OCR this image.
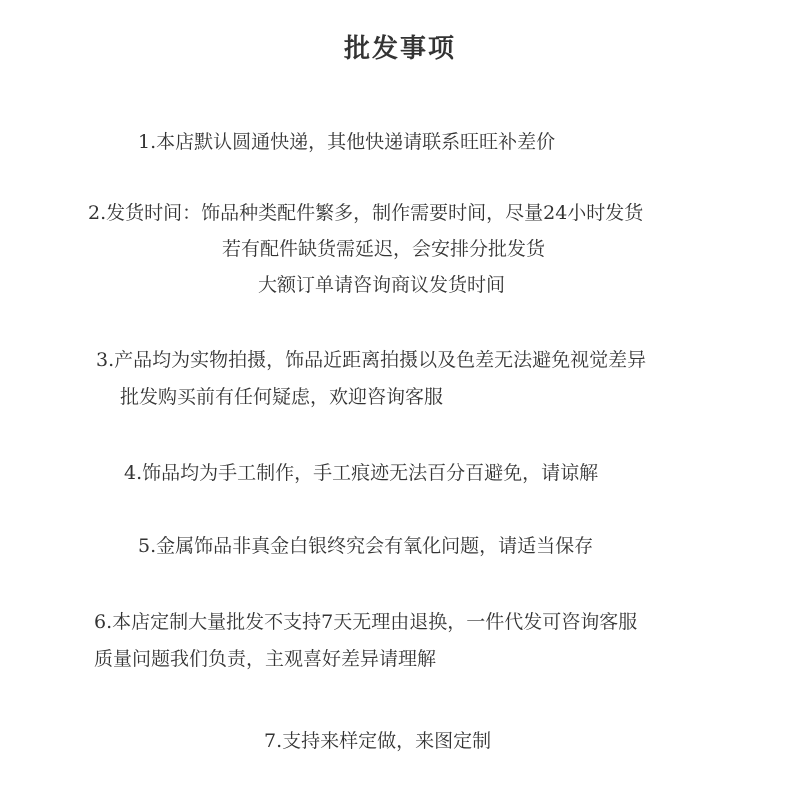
批发事项
1.本店默认圆通快递，其他快递请联系旺旺补差价
2.发货时间：饰品种类配件繁多，制作需要时间，尽量24小时发货
若有配件缺货需延迟，会安排分批发货
大额订单请咨询商议发货时间
3.产品均为实物拍摄，饰品近距离拍摄以及色差无法避免视觉差异
批发购买前有任何疑虑，欢迎咨询客服
4.饰品均为手工制作，手工痕迹无法百分百避免，请谅解
5.金属饰品非真金白银终究会有氧化问题，请适当保存
6.本店定制大量批发不支持7天无理由退换，一件代发可咨询客服
质量问题我们负责，主观喜好差异请理解
7.支持来样定做，来图定制
